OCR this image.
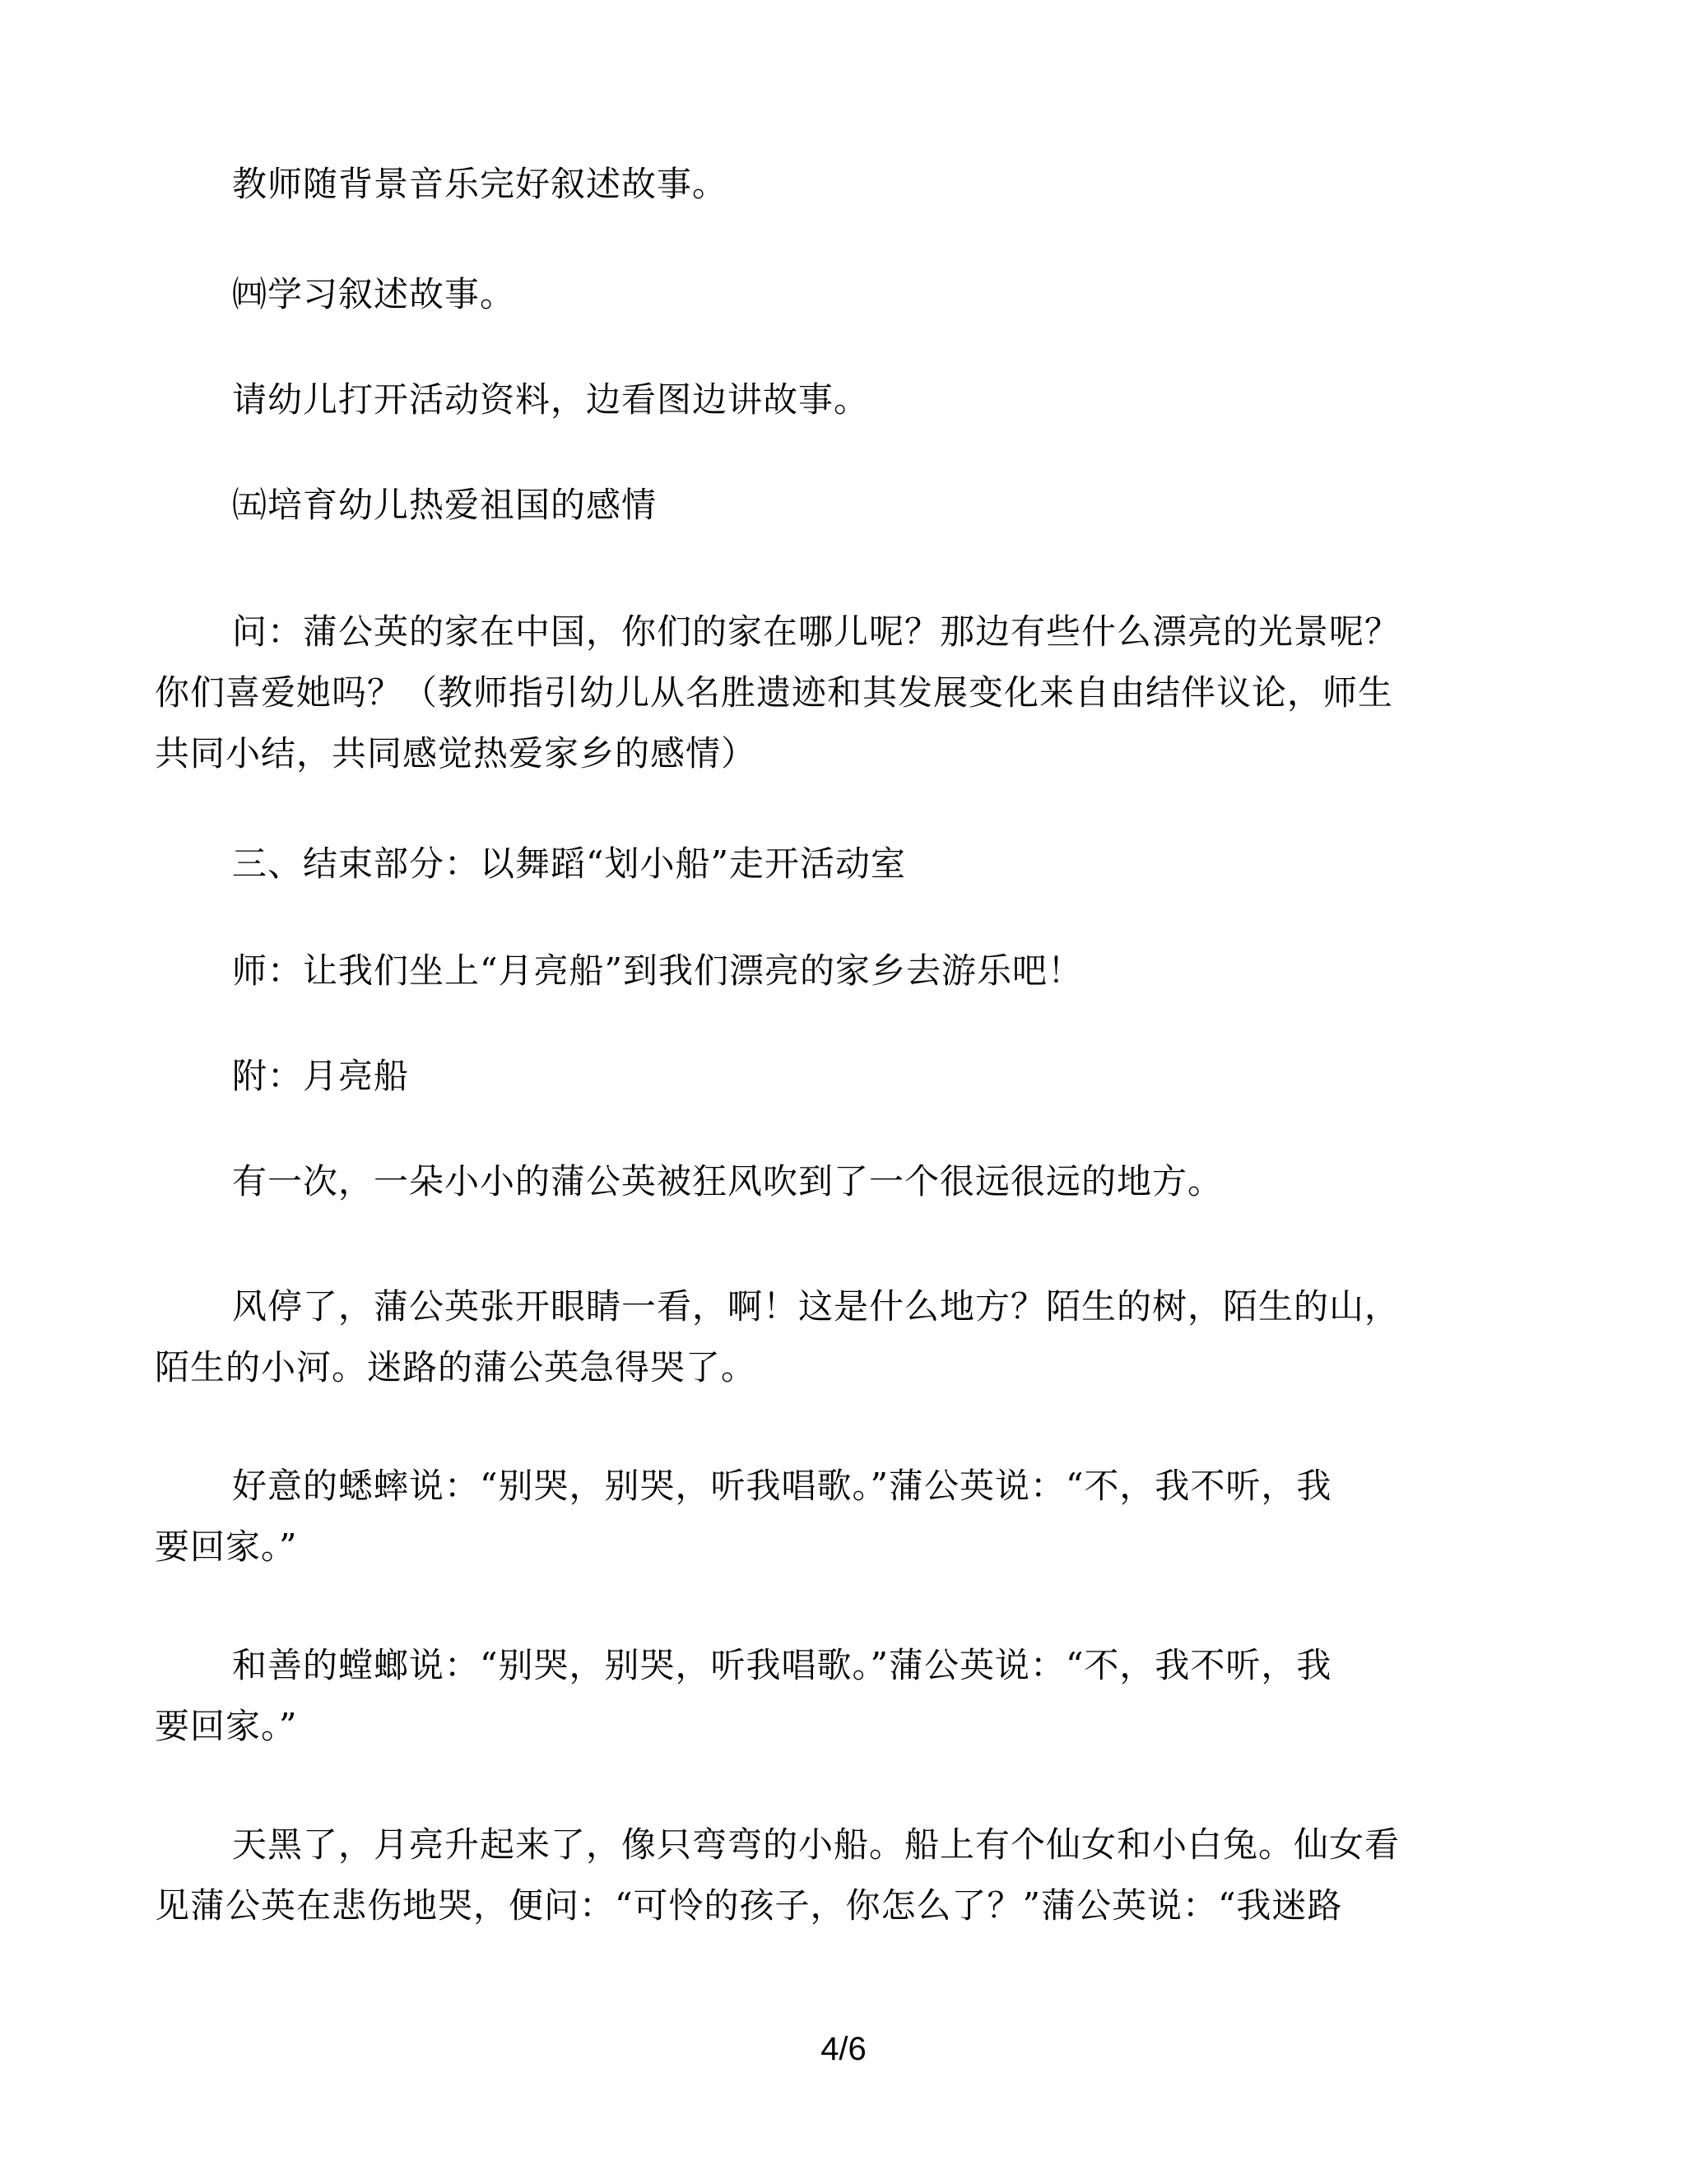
教师随背景音乐完好叙述故事。

㈣学习叙述故事。

请幼儿打开活动资料，边看图边讲故事。

㈤培育幼儿热爱祖国的感情

问：蒲公英的家在中国，你们的家在哪儿呢？那边有些什么漂亮的光景呢？

你们喜爱她吗？（教师指引幼儿从名胜遗迹和其发展变化来自由结伴议论，师生

共同小结，共同感觉热爱家乡的感情）

三、结束部分：以舞蹈“划小船”走开活动室

师：让我们坐上“月亮船”到我们漂亮的家乡去游乐吧！

附：月亮船

有一次，一朵小小的蒲公英被狂风吹到了一个很远很远的地方。

风停了，蒲公英张开眼睛一看，啊！这是什么地方？陌生的树，陌生的山，

陌生的小河。迷路的蒲公英急得哭了。

好意的蟋蟀说：“别哭，别哭，听我唱歌。”蒲公英说：“不，我不听，我

要回家。”

和善的螳螂说：“别哭，别哭，听我唱歌。”蒲公英说：“不，我不听，我

要回家。”

天黑了，月亮升起来了，像只弯弯的小船。船上有个仙女和小白兔。仙女看

见蒲公英在悲伤地哭，便问：“可怜的孩子，你怎么了？”蒲公英说：“我迷路

4/6
